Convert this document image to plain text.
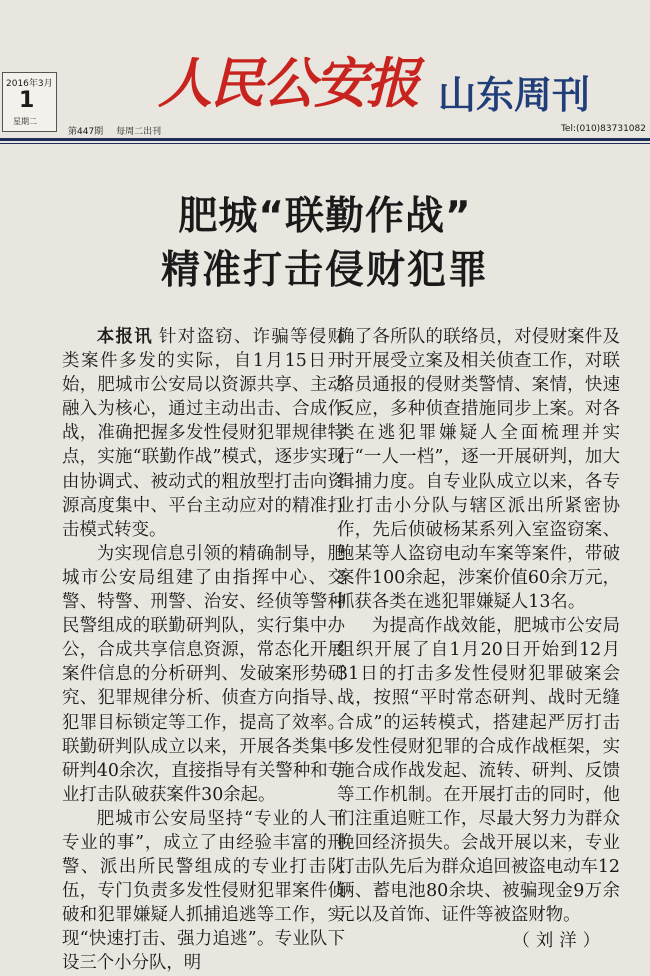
2016年3月
1
星期二
人民公安报 山东周刊
第447期 每周二出刊	Tel:(010)83731082
肥城“联勤作战”
精准打击侵财犯罪

本报讯 针对盗窃、诈骗等侵财类案件多发的实际，自1月15日开始，肥城市公安局以资源共享、主动融入为核心，通过主动出击、合成作战，准确把握多发性侵财犯罪规律特点，实施“联勤作战”模式，逐步实现由协调式、被动式的粗放型打击向资源高度集中、平台主动应对的精准打击模式转变。

为实现信息引领的精确制导，肥城市公安局组建了由指挥中心、交警、特警、刑警、治安、经侦等警种民警组成的联勤研判队，实行集中办公，合成共享信息资源，常态化开展案件信息的分析研判、发破案形势研究、犯罪规律分析、侦查方向指导、犯罪目标锁定等工作，提高了效率。联勤研判队成立以来，开展各类集中研判40余次，直接指导有关警种和专业打击队破获案件30余起。

肥城市公安局坚持“专业的人干专业的事”，成立了由经验丰富的刑警、派出所民警组成的专业打击队伍，专门负责多发性侵财犯罪案件侦破和犯罪嫌疑人抓捕追逃等工作，实现“快速打击、强力追逃”。专业队下设三个小分队，明

确了各所队的联络员，对侵财案件及时开展受立案及相关侦查工作，对联络员通报的侵财类警情、案情，快速反应，多种侦查措施同步上案。对各类在逃犯罪嫌疑人全面梳理并实行“一人一档”，逐一开展研判，加大缉捕力度。自专业队成立以来，各专业打击小分队与辖区派出所紧密协作，先后侦破杨某系列入室盗窃案、鲍某等人盗窃电动车案等案件，带破案件100余起，涉案价值60余万元，抓获各类在逃犯罪嫌疑人13名。

为提高作战效能，肥城市公安局组织开展了自1月20日开始到12月31日的打击多发性侵财犯罪破案会战，按照“平时常态研判、战时无缝合成”的运转模式，搭建起严厉打击多发性侵财犯罪的合成作战框架，实施合成作战发起、流转、研判、反馈等工作机制。在开展打击的同时，他们注重追赃工作，尽最大努力为群众挽回经济损失。会战开展以来，专业打击队先后为群众追回被盗电动车12辆、蓄电池80余块、被骗现金9万余元以及首饰、证件等被盗财物。

（刘洋）
